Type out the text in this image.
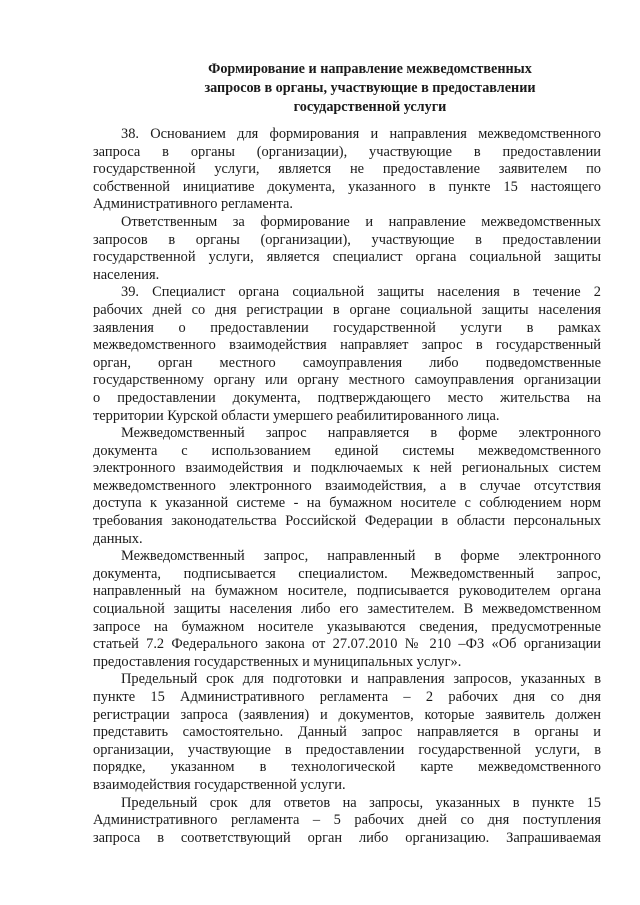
Формирование и направление межведомственных
запросов в органы, участвующие в предоставлении
государственной услуги
38. Основанием для формирования и направления межведомственного
запроса в органы (организации), участвующие в предоставлении
государственной услуги, является не предоставление заявителем по
собственной инициативе документа, указанного в пункте 15 настоящего
Административного регламента.
Ответственным за формирование и направление межведомственных
запросов в органы (организации), участвующие в предоставлении
государственной услуги, является специалист органа социальной защиты
населения.
39. Специалист органа социальной защиты населения в течение 2
рабочих дней со дня регистрации в органе социальной защиты населения
заявления о предоставлении государственной услуги в рамках
межведомственного взаимодействия направляет запрос в государственный
орган, орган местного самоуправления либо подведомственные
государственному органу или органу местного самоуправления организации
о предоставлении документа, подтверждающего место жительства на
территории Курской области умершего реабилитированного лица.
Межведомственный запрос направляется в форме электронного
документа с использованием единой системы межведомственного
электронного взаимодействия и подключаемых к ней региональных систем
межведомственного электронного взаимодействия, а в случае отсутствия
доступа к указанной системе - на бумажном носителе с соблюдением норм
требования законодательства Российской Федерации в области персональных
данных.
Межведомственный запрос, направленный в форме электронного
документа, подписывается специалистом. Межведомственный запрос,
направленный на бумажном носителе, подписывается руководителем органа
социальной защиты населения либо его заместителем. В межведомственном
запросе на бумажном носителе указываются сведения, предусмотренные
статьей 7.2 Федерального закона от 27.07.2010 № 210 –ФЗ «Об организации
предоставления государственных и муниципальных услуг».
Предельный срок для подготовки и направления запросов, указанных в
пункте 15 Административного регламента – 2 рабочих дня со дня
регистрации запроса (заявления) и документов, которые заявитель должен
представить самостоятельно. Данный запрос направляется в органы и
организации, участвующие в предоставлении государственной услуги, в
порядке, указанном в технологической карте межведомственного
взаимодействия государственной услуги.
Предельный срок для ответов на запросы, указанных в пункте 15
Административного регламента – 5 рабочих дней со дня поступления
запроса в соответствующий орган либо организацию. Запрашиваемая
